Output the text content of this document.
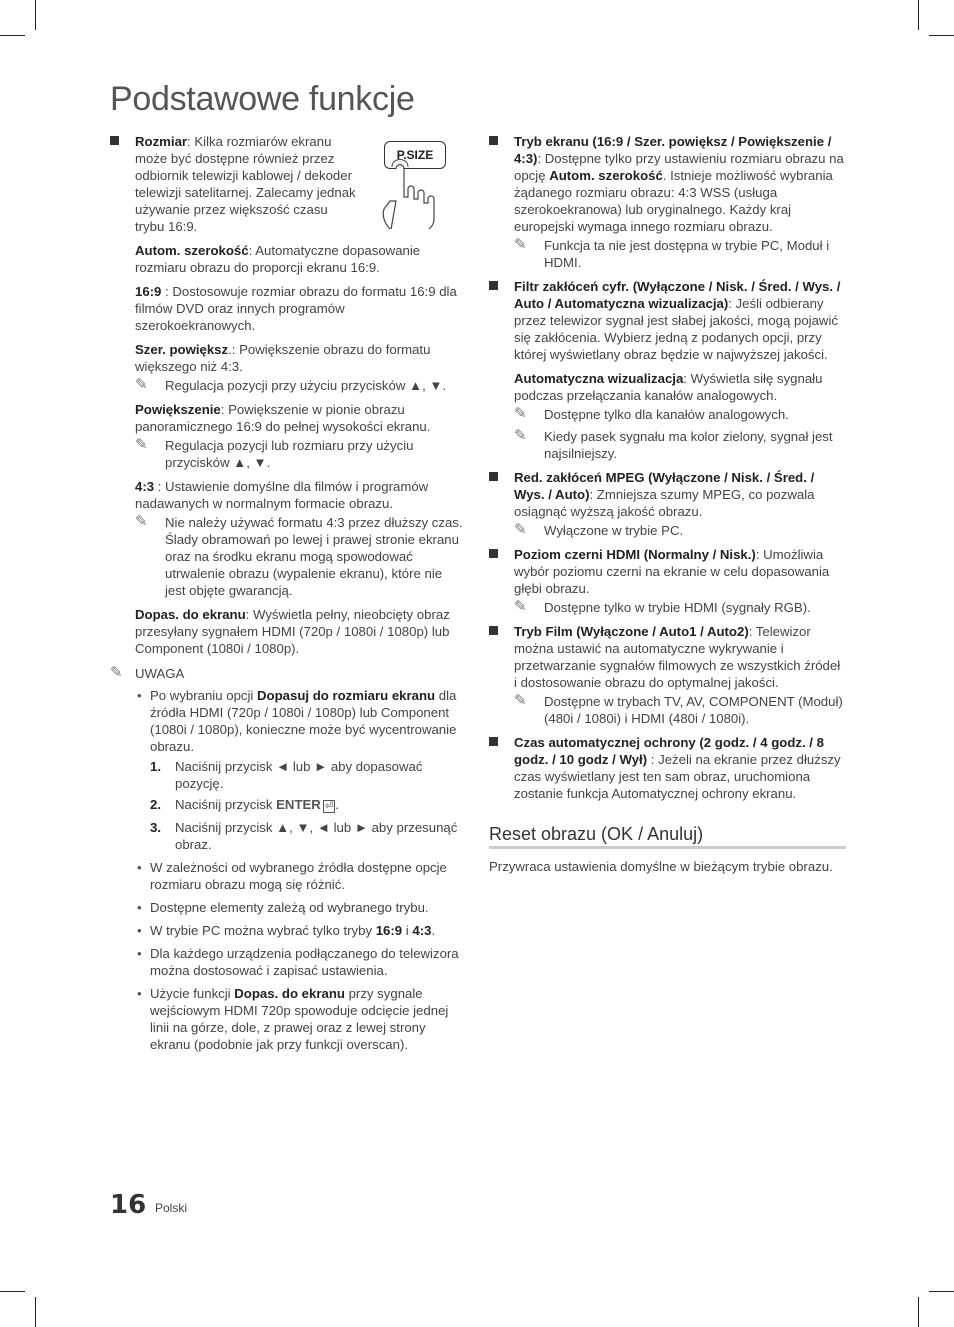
Podstawowe funkcje
P.SIZE
Rozmiar: Kilka rozmiarów ekranu może być dostępne również przez odbiornik telewizji kablowej / dekoder telewizji satelitarnej. Zalecamy jednak używanie przez większość czasu trybu 16:9.
Autom. szerokość: Automatyczne dopasowanie rozmiaru obrazu do proporcji ekranu 16:9.
16:9 : Dostosowuje rozmiar obrazu do formatu 16:9 dla filmów DVD oraz innych programów szerokoekranowych.
Szer. powiększ.: Powiększenie obrazu do formatu większego niż 4:3.
✎ Regulacja pozycji przy użyciu przycisków ▲, ▼.
Powiększenie: Powiększenie w pionie obrazu panoramicznego 16:9 do pełnej wysokości ekranu.
✎ Regulacja pozycji lub rozmiaru przy użyciu przycisków ▲, ▼.
4:3 : Ustawienie domyślne dla filmów i programów nadawanych w normalnym formacie obrazu.
✎ Nie należy używać formatu 4:3 przez dłuższy czas. Ślady obramowań po lewej i prawej stronie ekranu oraz na środku ekranu mogą spowodować utrwalenie obrazu (wypalenie ekranu), które nie jest objęte gwarancją.
Dopas. do ekranu: Wyświetla pełny, nieobcięty obraz przesyłany sygnałem HDMI (720p / 1080i / 1080p) lub Component (1080i / 1080p).
✎ UWAGA
• Po wybraniu opcji Dopasuj do rozmiaru ekranu dla źródła HDMI (720p / 1080i / 1080p) lub Component (1080i / 1080p), konieczne może być wycentrowanie obrazu.
1. Naciśnij przycisk ◄ lub ► aby dopasować pozycję.
2. Naciśnij przycisk ENTER ⏎ .
3. Naciśnij przycisk ▲, ▼, ◄ lub ► aby przesunąć obraz.
• W zależności od wybranego źródła dostępne opcje rozmiaru obrazu mogą się różnić.
• Dostępne elementy zależą od wybranego trybu.
• W trybie PC można wybrać tylko tryby 16:9 i 4:3.
• Dla każdego urządzenia podłączanego do telewizora można dostosować i zapisać ustawienia.
• Użycie funkcji Dopas. do ekranu przy sygnale wejściowym HDMI 720p spowoduje odcięcie jednej linii na górze, dole, z prawej oraz z lewej strony ekranu (podobnie jak przy funkcji overscan).
Tryb ekranu (16:9 / Szer. powiększ / Powiększenie / 4:3): Dostępne tylko przy ustawieniu rozmiaru obrazu na opcję Autom. szerokość. Istnieje możliwość wybrania żądanego rozmiaru obrazu: 4:3 WSS (usługa szerokoekranowa) lub oryginalnego. Każdy kraj europejski wymaga innego rozmiaru obrazu.
✎ Funkcja ta nie jest dostępna w trybie PC, Moduł i HDMI.
Filtr zakłóceń cyfr. (Wyłączone / Nisk. / Śred. / Wys. / Auto / Automatyczna wizualizacja): Jeśli odbierany przez telewizor sygnał jest słabej jakości, mogą pojawić się zakłócenia. Wybierz jedną z podanych opcji, przy której wyświetlany obraz będzie w najwyższej jakości.
Automatyczna wizualizacja: Wyświetla siłę sygnału podczas przełączania kanałów analogowych.
✎ Dostępne tylko dla kanałów analogowych.
✎ Kiedy pasek sygnału ma kolor zielony, sygnał jest najsilniejszy.
Red. zakłóceń MPEG (Wyłączone / Nisk. / Śred. / Wys. / Auto): Zmniejsza szumy MPEG, co pozwala osiągnąć wyższą jakość obrazu.
✎ Wyłączone w trybie PC.
Poziom czerni HDMI (Normalny / Nisk.): Umożliwia wybór poziomu czerni na ekranie w celu dopasowania głębi obrazu.
✎ Dostępne tylko w trybie HDMI (sygnały RGB).
Tryb Film (Wyłączone / Auto1 / Auto2): Telewizor można ustawić na automatyczne wykrywanie i przetwarzanie sygnałów filmowych ze wszystkich źródeł i dostosowanie obrazu do optymalnej jakości.
✎ Dostępne w trybach TV, AV, COMPONENT (Moduł) (480i / 1080i) i HDMI (480i / 1080i).
Czas automatycznej ochrony (2 godz. / 4 godz. / 8 godz. / 10 godz / Wył) : Jeżeli na ekranie przez dłuższy czas wyświetlany jest ten sam obraz, uruchomiona zostanie funkcja Automatycznej ochrony ekranu.
Reset obrazu (OK / Anuluj)
Przywraca ustawienia domyślne w bieżącym trybie obrazu.
16 Polski
